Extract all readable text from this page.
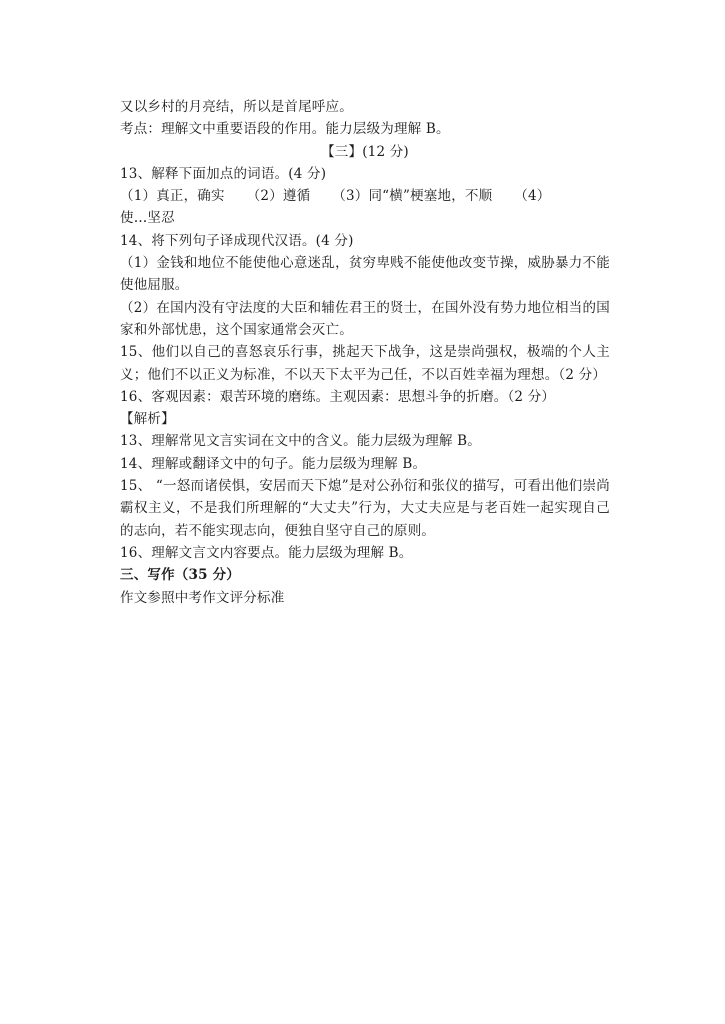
又以乡村的月亮结，所以是首尾呼应。
考点：理解文中重要语段的作用。能力层级为理解 B。
【三】(12 分)
13、解释下面加点的词语。(4 分)
（1）真正，确实 （2）遵循 （3）同“横”梗塞地，不顺 （4）
使…坚忍
14、将下列句子译成现代汉语。(4 分)
（1）金钱和地位不能使他心意迷乱，贫穷卑贱不能使他改变节操，威胁暴力不能使他屈服。
（2）在国内没有守法度的大臣和辅佐君王的贤士，在国外没有势力地位相当的国家和外部忧患，这个国家通常会灭亡。
15、他们以自己的喜怒哀乐行事，挑起天下战争，这是崇尚强权，极端的个人主义；他们不以正义为标准，不以天下太平为己任，不以百姓幸福为理想。（2 分）
16、客观因素：艰苦环境的磨练。主观因素：思想斗争的折磨。（2 分）
【解析】
13、理解常见文言实词在文中的含义。能力层级为理解 B。
14、理解或翻译文中的句子。能力层级为理解 B。
15、 “一怒而诸侯惧，安居而天下熄”是对公孙衍和张仪的描写，可看出他们崇尚霸权主义，不是我们所理解的“大丈夫”行为，大丈夫应是与老百姓一起实现自己的志向，若不能实现志向，便独自坚守自己的原则。
16、理解文言文内容要点。能力层级为理解 B。
三、写作（35 分）
作文参照中考作文评分标准
